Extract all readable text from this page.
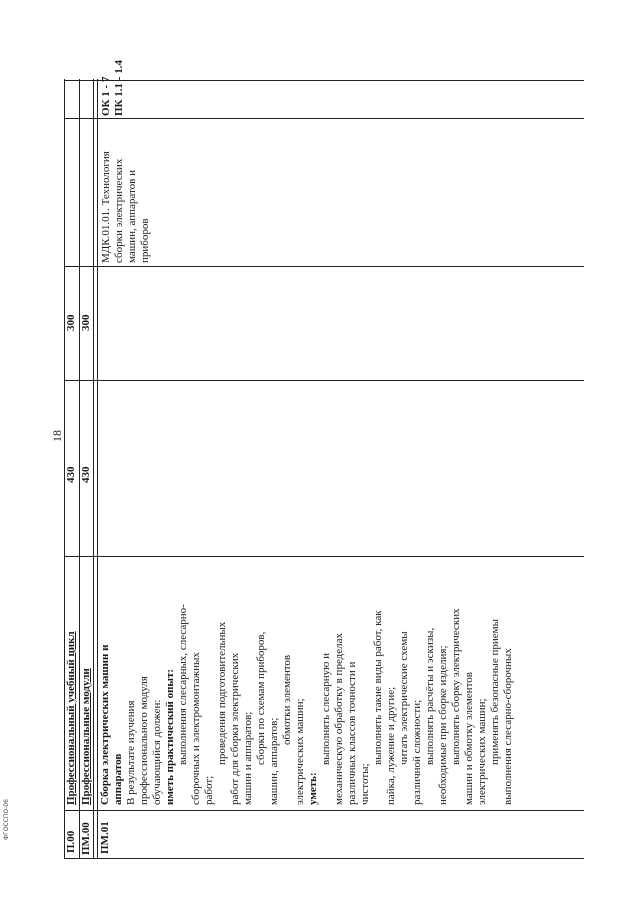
П.00
Профессиональный учебный цикл
430
300
ПМ.00
Профессиональные модули
430
300
ПМ.01
Сборка электрических машин и аппаратов В результате изучения профессионального модуля обучающийся должен: иметь практический опыт: выполнения слесарных, слесарно- сборочных и электромонтажных работ;
проведения подготовительных работ для сборки электрических машин и аппаратов; сборки по схемам приборов, машин, аппаратов;
обмотки элементов электрических машин; уметь:
выполнять слесарную и механическую обработку в пределах различных классов точности и чистоты;
выполнять такие виды работ, как пайка, лужение и другие; читать электрические схемы различной сложности; выполнять расчёты и эскизы, необходимые при сборке изделия; выполнять сборку электрических машин и обмотку элементов электрических машин; применять безопасные приемы выполнения слесарно-сборочных
МДК.01.01. Технология сборки электрических машин, аппаратов и приборов
ОК 1 - 7 ПК 1.1 - 1.4
18
ФГОССПО-06
